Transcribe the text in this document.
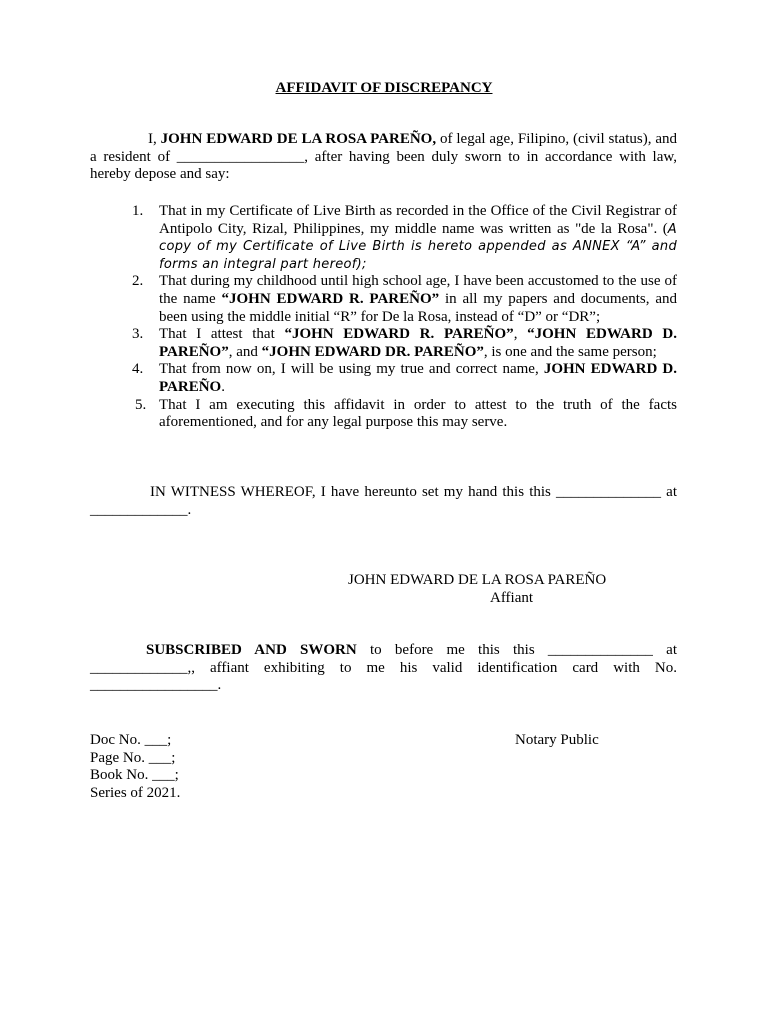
AFFIDAVIT OF DISCREPANCY

I, JOHN EDWARD DE LA ROSA PAREÑO, of legal age, Filipino, (civil status), and a resident of _________________, after having been duly sworn to in accordance with law, hereby depose and say:

1. That in my Certificate of Live Birth as recorded in the Office of the Civil Registrar of Antipolo City, Rizal, Philippines, my middle name was written as "de la Rosa". (A copy of my Certificate of Live Birth is hereto appended as ANNEX “A” and forms an integral part hereof);
2. That during my childhood until high school age, I have been accustomed to the use of the name “JOHN EDWARD R. PAREÑO” in all my papers and documents, and been using the middle initial “R” for De la Rosa, instead of “D” or “DR”;
3. That I attest that “JOHN EDWARD R. PAREÑO”, “JOHN EDWARD D. PAREÑO”, and “JOHN EDWARD DR. PAREÑO”, is one and the same person;
4. That from now on, I will be using my true and correct name, JOHN EDWARD D. PAREÑO.
5. That I am executing this affidavit in order to attest to the truth of the facts aforementioned, and for any legal purpose this may serve.

IN WITNESS WHEREOF, I have hereunto set my hand this this ______________ at _____________.

JOHN EDWARD DE LA ROSA PAREÑO
Affiant

SUBSCRIBED AND SWORN to before me this this ______________ at _____________,, affiant exhibiting to me his valid identification card with No. _________________.

Doc No. ___;
Page No. ___;
Book No. ___;
Series of 2021.
Notary Public
